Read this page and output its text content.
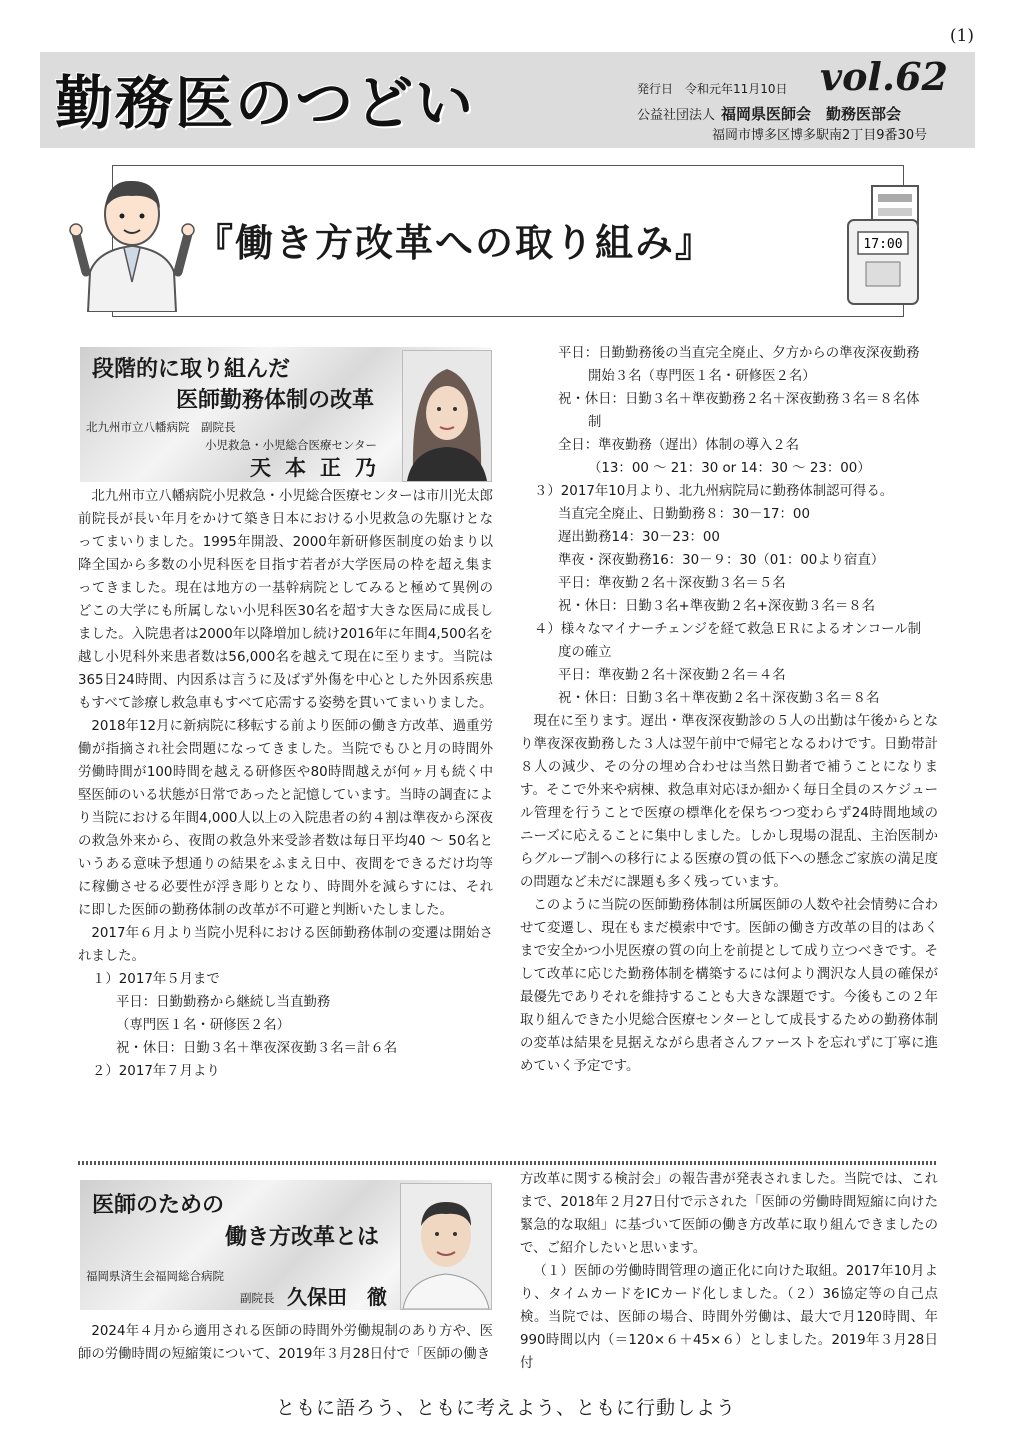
(1)
勤務医のつどい	発行日　令和元年11月10日 vol.62
公益社団法人 福岡県医師会　勤務医部会
福岡市博多区博多駅南2丁目9番30号
『働き方改革への取り組み』	17:00
段階的に取り組んだ
医師勤務体制の改革
北九州市立八幡病院　副院長
小児救急・小児総合医療センター
天本正乃

北九州市立八幡病院小児救急・小児総合医療センターは市川光太郎前院長が長い年月をかけて築き日本における小児救急の先駆けとなってまいりました。1995年開設、2000年新研修医制度の始まり以降全国から多数の小児科医を目指す若者が大学医局の枠を超え集まってきました。現在は地方の一基幹病院としてみると極めて異例のどこの大学にも所属しない小児科医30名を超す大きな医局に成長しました。入院患者は2000年以降増加し続け2016年に年間4,500名を越し小児科外来患者数は56,000名を越えて現在に至ります。当院は365日24時間、内因系は言うに及ばず外傷を中心とした外因系疾患もすべて診療し救急車もすべて応需する姿勢を貫いてまいりました。

2018年12月に新病院に移転する前より医師の働き方改革、過重労働が指摘され社会問題になってきました。当院でもひと月の時間外労働時間が100時間を越える研修医や80時間越えが何ヶ月も続く中堅医師のいる状態が日常であったと記憶しています。当時の調査により当院における年間4,000人以上の入院患者の約４割は準夜から深夜の救急外来から、夜間の救急外来受診者数は毎日平均40 ～ 50名というある意味予想通りの結果をふまえ日中、夜間をできるだけ均等に稼働させる必要性が浮き彫りとなり、時間外を減らすには、それに即した医師の勤務体制の改革が不可避と判断いたしました。

2017年６月より当院小児科における医師勤務体制の変遷は開始されました。

１）2017年５月まで

平日：日勤勤務から継続し当直勤務

（専門医１名・研修医２名）

祝・休日：日勤３名＋準夜深夜勤３名＝計６名

２）2017年７月より

平日：日勤勤務後の当直完全廃止、夕方からの準夜深夜勤務

開始３名（専門医１名・研修医２名）

祝・休日：日勤３名＋準夜勤務２名＋深夜勤務３名＝８名体

制

全日：準夜勤務（遅出）体制の導入２名

（13：00 ～ 21：30 or 14：30 ～ 23：00）

３）2017年10月より、北九州病院局に勤務体制認可得る。

当直完全廃止、日勤勤務８：30－17：00

遅出勤務14：30－23：00

準夜・深夜勤務16：30－９：30（01：00より宿直）

平日：準夜勤２名＋深夜勤３名＝５名

祝・休日：日勤３名+準夜勤２名+深夜勤３名＝８名

４）様々なマイナーチェンジを経て救急ＥＲによるオンコール制

度の確立

平日：準夜勤２名＋深夜勤２名＝４名

祝・休日：日勤３名＋準夜勤２名＋深夜勤３名＝８名

現在に至ります。遅出・準夜深夜勤診の５人の出勤は午後からとなり準夜深夜勤務した３人は翌午前中で帰宅となるわけです。日勤帯計８人の減少、その分の埋め合わせは当然日勤者で補うことになります。そこで外来や病棟、救急車対応ほか細かく毎日全員のスケジュール管理を行うことで医療の標準化を保ちつつ変わらず24時間地域のニーズに応えることに集中しました。しかし現場の混乱、主治医制からグループ制への移行による医療の質の低下への懸念ご家族の満足度の問題など未だに課題も多く残っています。

このように当院の医師勤務体制は所属医師の人数や社会情勢に合わせて変遷し、現在もまだ模索中です。医師の働き方改革の目的はあくまで安全かつ小児医療の質の向上を前提として成り立つべきです。そして改革に応じた勤務体制を構築するには何より潤沢な人員の確保が最優先でありそれを維持することも大きな課題です。今後もこの２年取り組んできた小児総合医療センターとして成長するための勤務体制の変革は結果を見据えながら患者さんファーストを忘れずに丁寧に進めていく予定です。

医師のための
働き方改革とは
福岡県済生会福岡総合病院
副院長 久保田　徹

2024年４月から適用される医師の時間外労働規制のあり方や、医師の労働時間の短縮策について、2019年３月28日付で「医師の働き

方改革に関する検討会」の報告書が発表されました。当院では、これまで、2018年２月27日付で示された「医師の労働時間短縮に向けた緊急的な取組」に基づいて医師の働き方改革に取り組んできましたので、ご紹介したいと思います。

（１）医師の労働時間管理の適正化に向けた取組。2017年10月より、タイムカードをICカード化しました。（２）36協定等の自己点検。当院では、医師の場合、時間外労働は、最大で月120時間、年990時間以内（＝120×６＋45×６）としました。2019年３月28日付

ともに語ろう、ともに考えよう、ともに行動しよう
